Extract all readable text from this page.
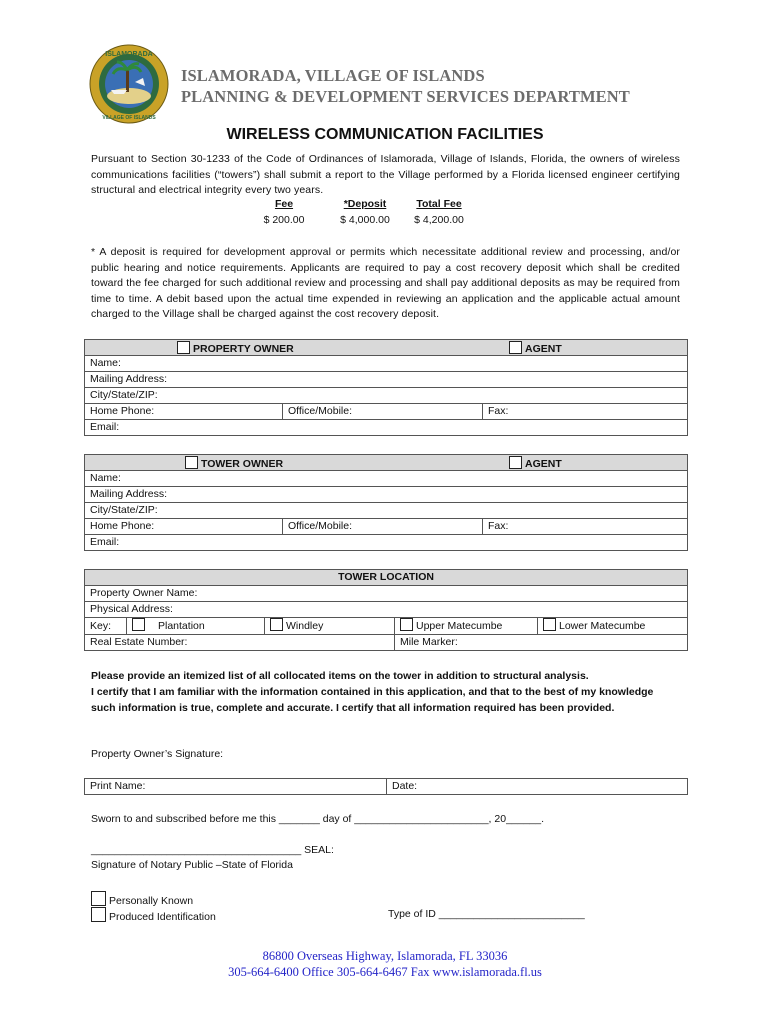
ISLAMORADA
VILLAGE OF ISLANDS
ISLAMORADA, VILLAGE OF ISLANDS
PLANNING & DEVELOPMENT SERVICES DEPARTMENT
WIRELESS COMMUNICATION FACILITIES
Pursuant to Section 30-1233 of the Code of Ordinances of Islamorada, Village of Islands, Florida, the owners of wireless communications facilities (“towers”) shall submit a report to the Village performed by a Florida licensed engineer certifying structural and electrical integrity every two years.
Fee	*Deposit	Total Fee
$ 200.00	$ 4,000.00	$ 4,200.00
* A deposit is required for development approval or permits which necessitate additional review and processing, and/or public hearing and notice requirements. Applicants are required to pay a cost recovery deposit which shall be credited toward the fee charged for such additional review and processing and shall pay additional deposits as may be required from time to time. A debit based upon the actual time expended in reviewing an application and the applicable actual amount charged to the Village shall be charged against the cost recovery deposit.
PROPERTY OWNER	AGENT

Name:
Mailing Address:
City/State/ZIP:
Home Phone:	Office/Mobile:	Fax:
Email:
TOWER OWNER	AGENT

Name:
Mailing Address:
City/State/ZIP:
Home Phone:	Office/Mobile:	Fax:
Email:
TOWER LOCATION				
Property Owner Name:				
Physical Address:				
Key:	Plantation	Windley	Upper Matecumbe	Lower Matecumbe
Real Estate Number:			Mile Marker:	
Please provide an itemized list of all collocated items on the tower in addition to structural analysis.
I certify that I am familiar with the information contained in this application, and that to the best of my knowledge such information is true, complete and accurate. I certify that all information required has been provided.
Property Owner’s Signature:
Print Name:	Date:
Sworn to and subscribed before me this _______ day of _______________________, 20______.
____________________________________ SEAL:
Signature of Notary Public –State of Florida
Personally Known
Produced Identification	Type of ID _________________________
86800 Overseas Highway, Islamorada, FL 33036
305-664-6400 Office 305-664-6467 Fax www.islamorada.fl.us
